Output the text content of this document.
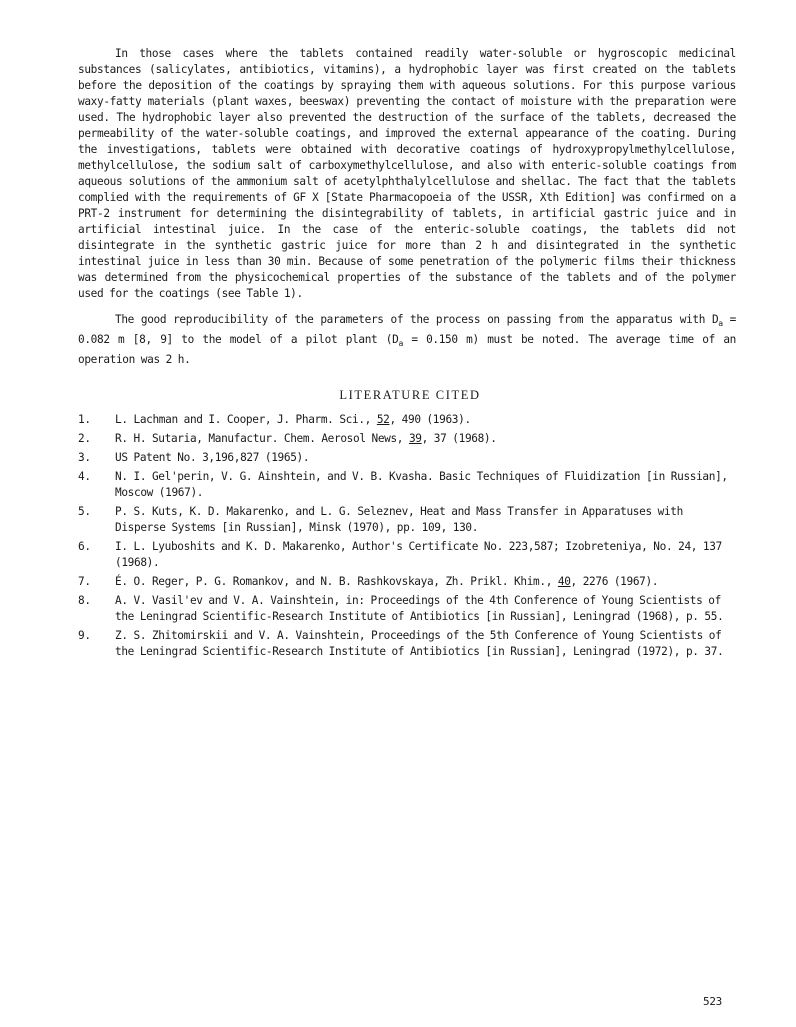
In those cases where the tablets contained readily water-soluble or hygroscopic medicinal substances (salicylates, antibiotics, vitamins), a hydrophobic layer was first created on the tablets before the deposition of the coatings by spraying them with aqueous solutions. For this purpose various waxy-fatty materials (plant waxes, beeswax) preventing the contact of moisture with the preparation were used. The hydrophobic layer also prevented the destruction of the surface of the tablets, decreased the permeability of the water-soluble coatings, and improved the external appearance of the coating. During the investigations, tablets were obtained with decorative coatings of hydroxypropylmethylcellulose, methylcellulose, the sodium salt of carboxymethylcellulose, and also with enteric-soluble coatings from aqueous solutions of the ammonium salt of acetylphthalylcellulose and shellac. The fact that the tablets complied with the requirements of GF X [State Pharmacopoeia of the USSR, Xth Edition] was confirmed on a PRT-2 instrument for determining the disintegrability of tablets, in artificial gastric juice and in artificial intestinal juice. In the case of the enteric-soluble coatings, the tablets did not disintegrate in the synthetic gastric juice for more than 2 h and disintegrated in the synthetic intestinal juice in less than 30 min. Because of some penetration of the polymeric films their thickness was determined from the physicochemical properties of the substance of the tablets and of the polymer used for the coatings (see Table 1).

The good reproducibility of the parameters of the process on passing from the apparatus with $D_a = 0.082$ m [8, 9] to the model of a pilot plant ($D_a = 0.150$ m) must be noted. The average time of an operation was 2 h.

LITERATURE CITED
1.	L. Lachman and I. Cooper, J. Pharm. Sci., 52, 490 (1963).
2.	R. H. Sutaria, Manufactur. Chem. Aerosol News, 39, 37 (1968).
3.	US Patent No. 3,196,827 (1965).
4.	N. I. Gel'perin, V. G. Ainshtein, and V. B. Kvasha. Basic Techniques of Fluidization [in Russian], Moscow (1967).
5.	P. S. Kuts, K. D. Makarenko, and L. G. Seleznev, Heat and Mass Transfer in Apparatuses with Disperse Systems [in Russian], Minsk (1970), pp. 109, 130.
6.	I. L. Lyuboshits and K. D. Makarenko, Author's Certificate No. 223,587; Izobreteniya, No. 24, 137 (1968).
7.	É. O. Reger, P. G. Romankov, and N. B. Rashkovskaya, Zh. Prikl. Khim., 40, 2276 (1967).
8.	A. V. Vasil'ev and V. A. Vainshtein, in: Proceedings of the 4th Conference of Young Scientists of the Leningrad Scientific-Research Institute of Antibiotics [in Russian], Leningrad (1968), p. 55.
9.	Z. S. Zhitomirskii and V. A. Vainshtein, Proceedings of the 5th Conference of Young Scientists of the Leningrad Scientific-Research Institute of Antibiotics [in Russian], Leningrad (1972), p. 37.
523
